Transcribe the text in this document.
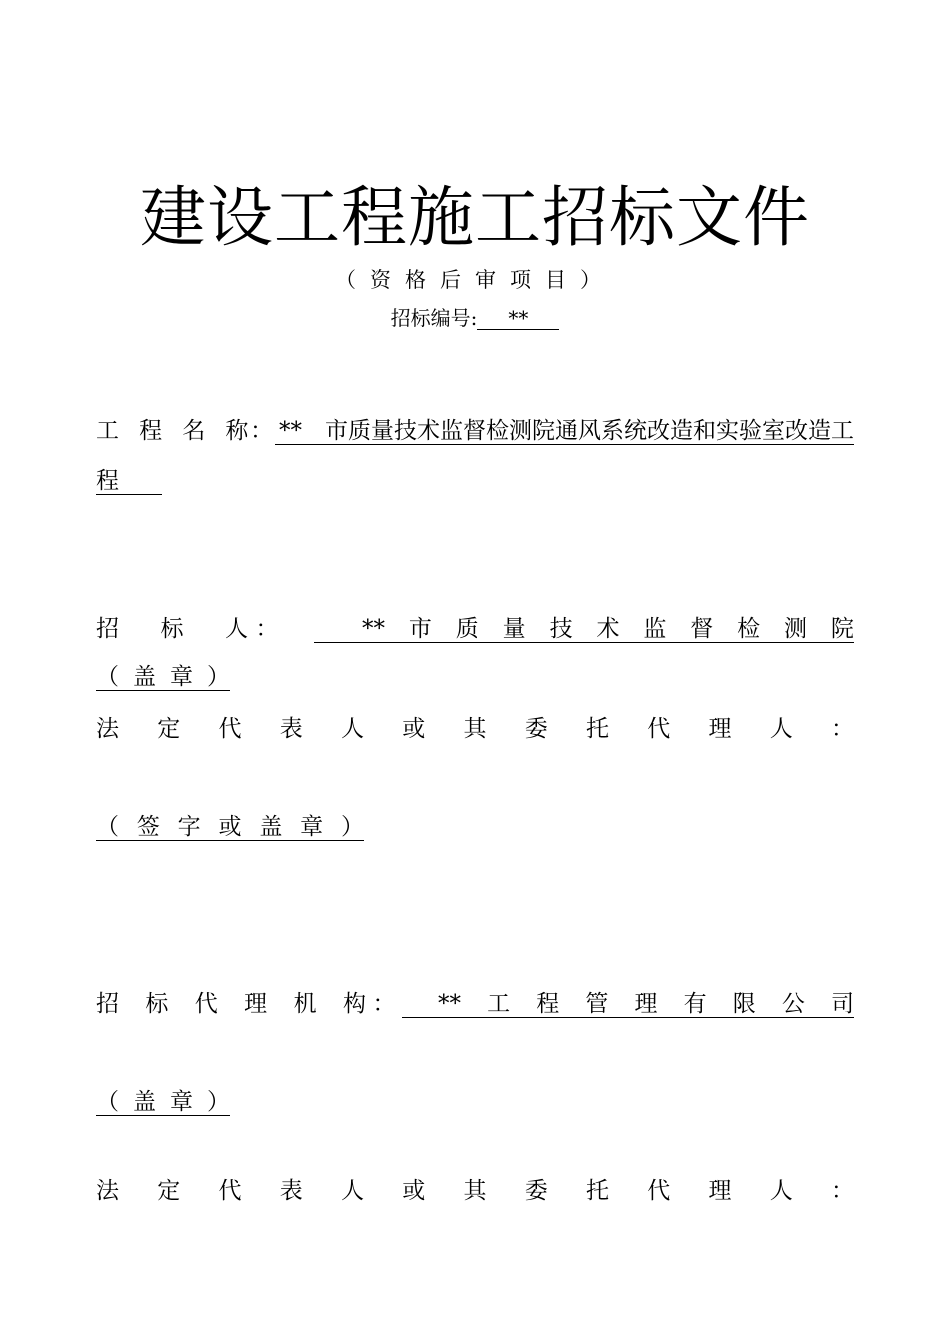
建设工程施工招标文件
（资格后审项目）
招标编号: **
工 程 名 称 ： **　市质量技术监督检测院通风系统改造和实验室改造工
程
招 标 人 ：	** 市 质 量 技 术 监 督 检 测 院
（ 盖 章 ）
法 定 代 表 人 或 其 委 托 代 理 人 ：
（ 签 字 或 盖 章 ）
招 标 代 理 机 构 ： ** 工 程 管 理 有 限 公 司
（ 盖 章 ）
法 定 代 表 人 或 其 委 托 代 理 人 ：
